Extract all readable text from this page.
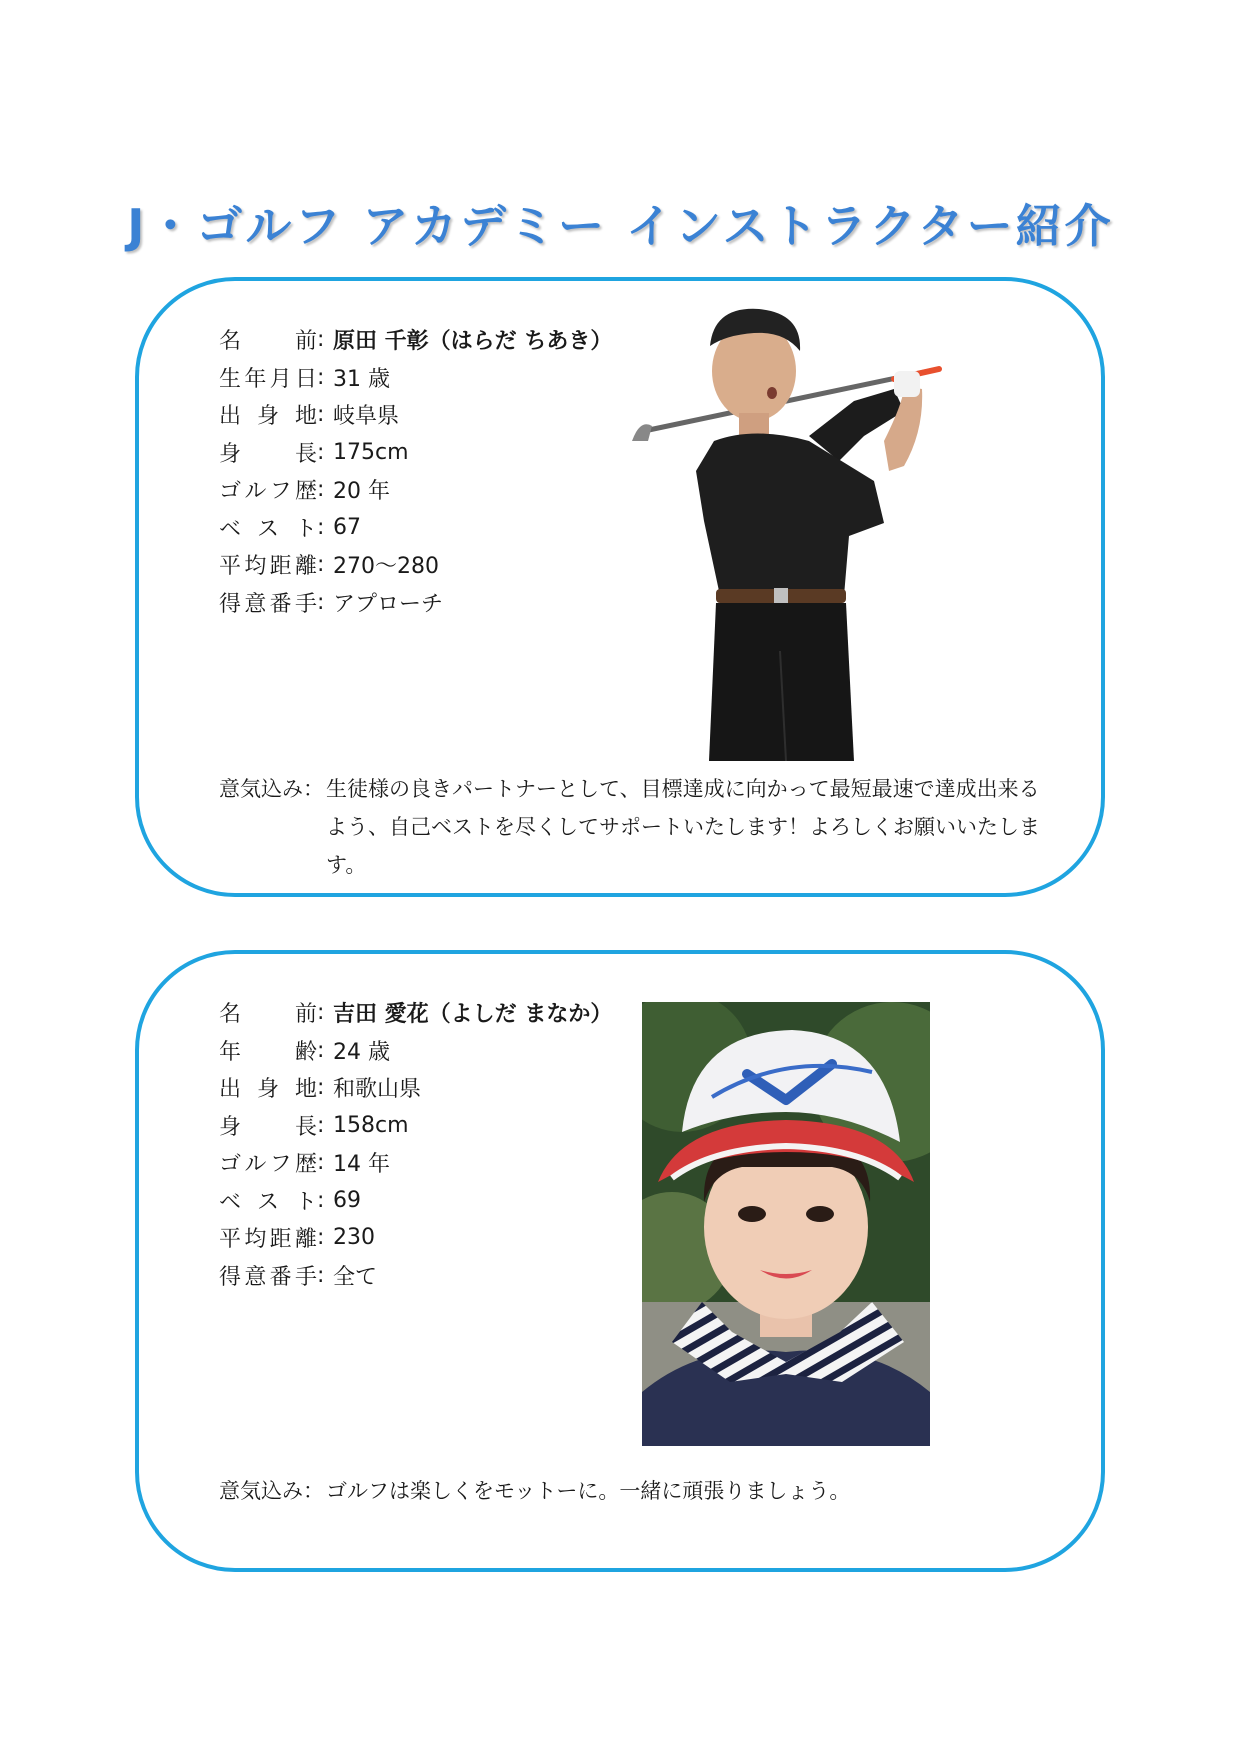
J・ゴルフ アカデミー インストラクター紹介
名前 : 原田 千彰（はらだ ちあき）
生年月日 : 31 歳
出身地 : 岐阜県
身長 : 175cm
ゴルフ歴 : 20 年
ベスト : 67
平均距離 : 270～280
得意番手 : アプローチ
意気込み： 生徒様の良きパートナーとして、目標達成に向かって最短最速で達成出来るよう、自己ベストを尽くしてサポートいたします！よろしくお願いいたします。
名前 : 吉田 愛花（よしだ まなか）
年齢 : 24 歳
出身地 : 和歌山県
身長 : 158cm
ゴルフ歴 : 14 年
ベスト : 69
平均距離 : 230
得意番手 : 全て
意気込み： ゴルフは楽しくをモットーに。一緒に頑張りましょう。
